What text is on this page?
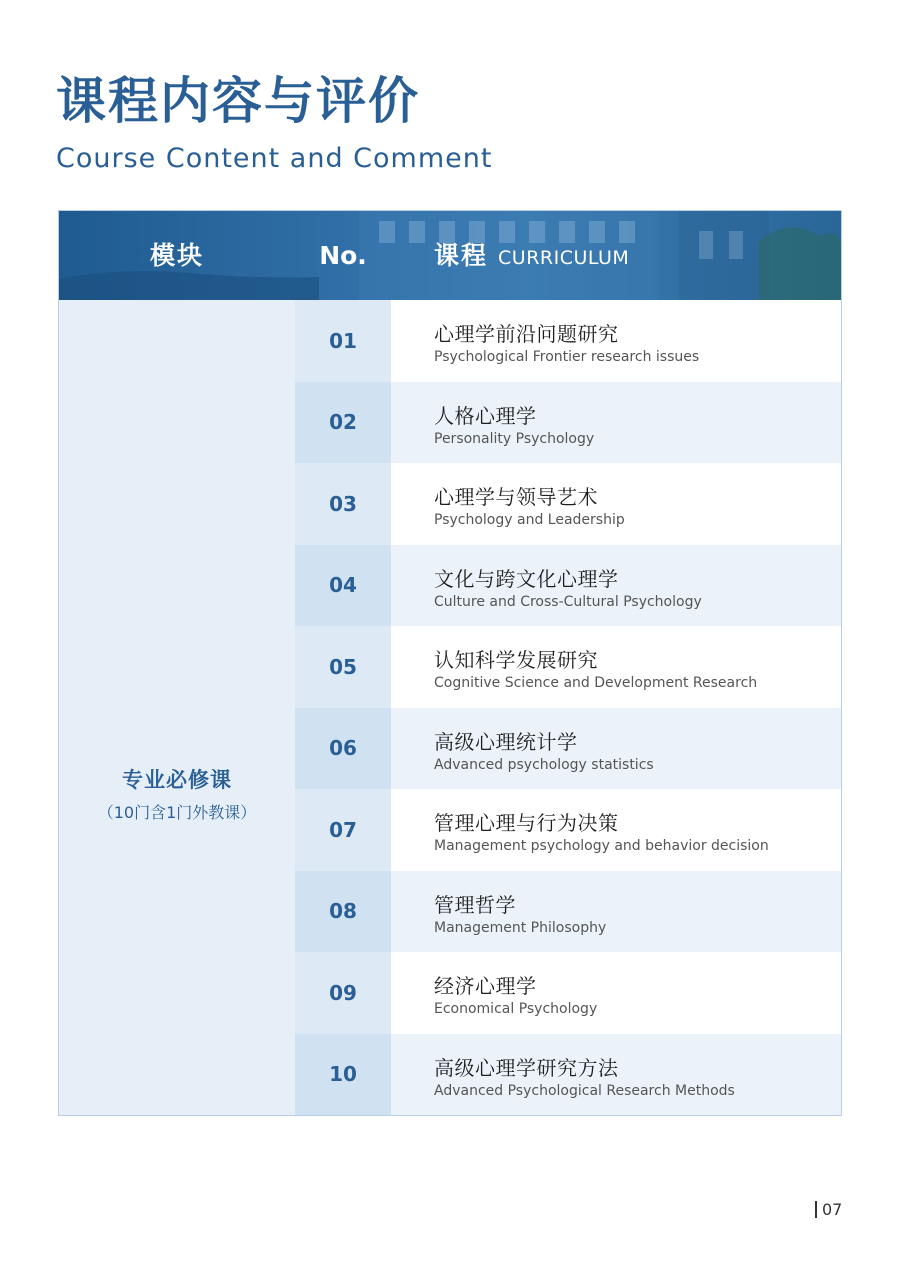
课程内容与评价
Course Content and Comment
模块	No.	课程 CURRICULUM
专业必修课
（10门含1门外教课）
01	心理学前沿问题研究
Psychological Frontier research issues
02	人格心理学
Personality Psychology
03	心理学与领导艺术
Psychology and Leadership
04	文化与跨文化心理学
Culture and Cross-Cultural Psychology
05	认知科学发展研究
Cognitive Science and Development Research
06	高级心理统计学
Advanced psychology statistics
07	管理心理与行为决策
Management psychology and behavior decision
08	管理哲学
Management Philosophy
09	经济心理学
Economical Psychology
10	高级心理学研究方法
Advanced Psychological Research Methods
07
